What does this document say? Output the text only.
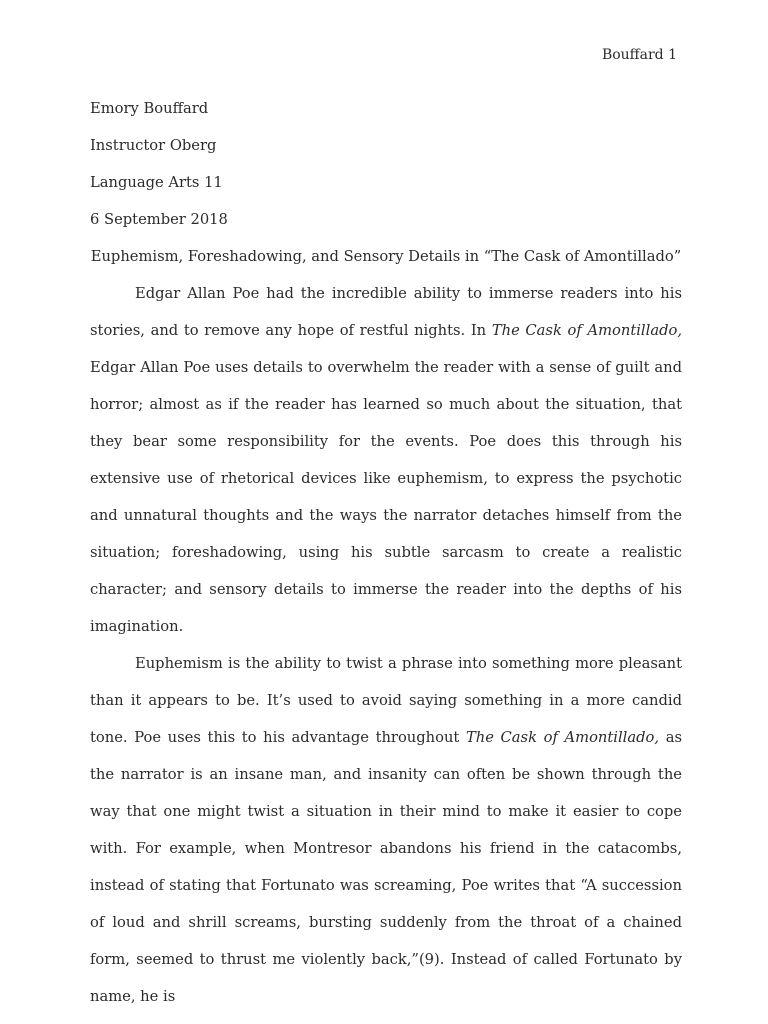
Bouffard 1

Emory Bouffard

Instructor Oberg

Language Arts 11

6 September 2018

Euphemism, Foreshadowing, and Sensory Details in “The Cask of Amontillado”

Edgar Allan Poe had the incredible ability to immerse readers into his stories, and to remove any hope of restful nights. In The Cask of Amontillado, Edgar Allan Poe uses details to overwhelm the reader with a sense of guilt and horror; almost as if the reader has learned so much about the situation, that they bear some responsibility for the events. Poe does this through his extensive use of rhetorical devices like euphemism, to express the psychotic and unnatural thoughts and the ways the narrator detaches himself from the situation; foreshadowing, using his subtle sarcasm to create a realistic character; and sensory details to immerse the reader into the depths of his imagination.

Euphemism is the ability to twist a phrase into something more pleasant than it appears to be. It’s used to avoid saying something in a more candid tone. Poe uses this to his advantage throughout The Cask of Amontillado, as the narrator is an insane man, and insanity can often be shown through the way that one might twist a situation in their mind to make it easier to cope with. For example, when Montresor abandons his friend in the catacombs, instead of stating that Fortunato was screaming, Poe writes that “A succession of loud and shrill screams, bursting suddenly from the throat of a chained form, seemed to thrust me violently back,”(9). Instead of called Fortunato by name, he is
